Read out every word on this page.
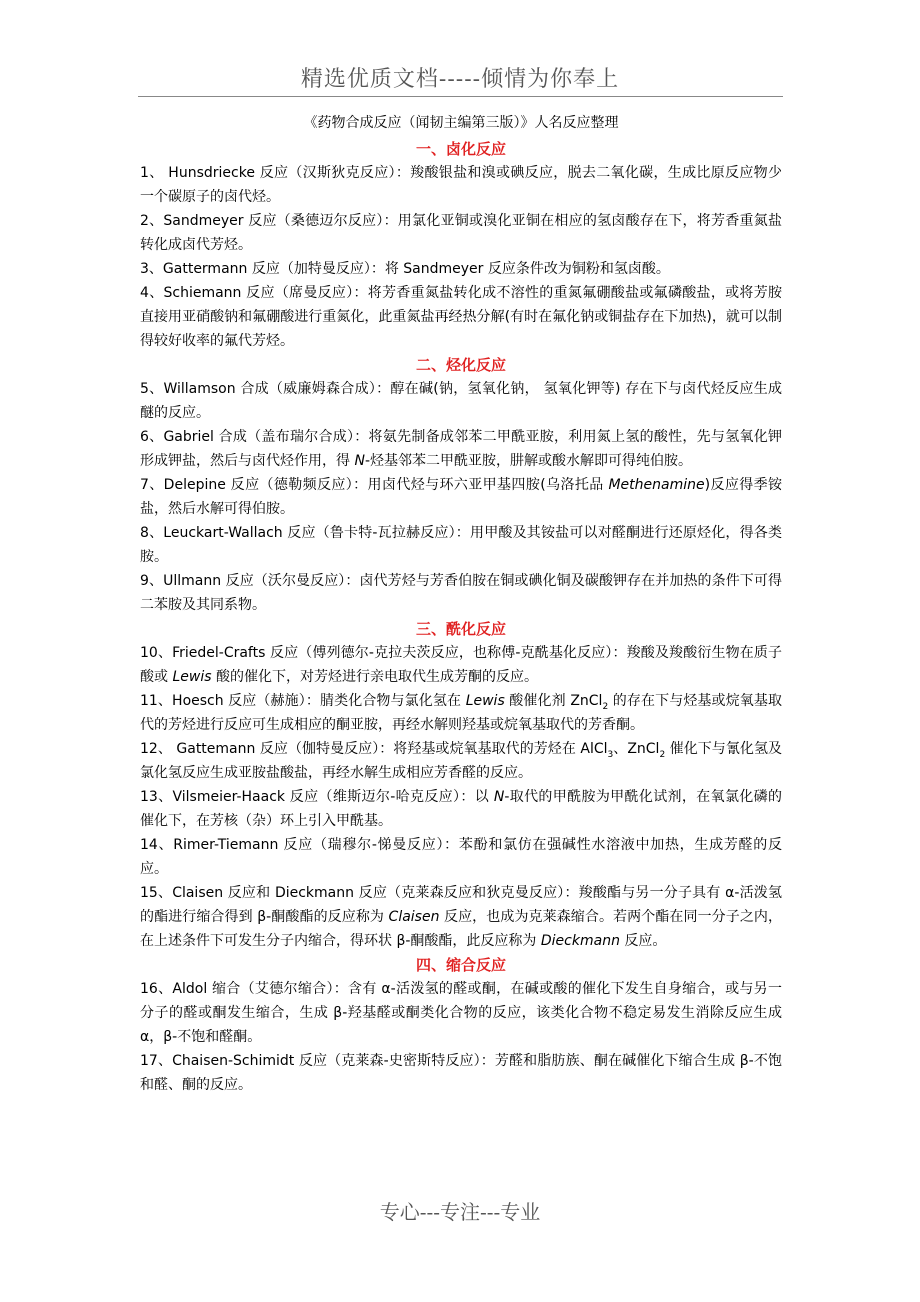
精选优质文档-----倾情为你奉上

《药物合成反应（闻韧主编第三版）》人名反应整理

一、卤化反应

1、 Hunsdriecke 反应（汉斯狄克反应）：羧酸银盐和溴或碘反应，脱去二氧化碳，生成比原反应物少一个碳原子的卤代烃。

2、Sandmeyer 反应（桑德迈尔反应）：用氯化亚铜或溴化亚铜在相应的氢卤酸存在下，将芳香重氮盐转化成卤代芳烃。

3、Gattermann 反应（加特曼反应）：将 Sandmeyer 反应条件改为铜粉和氢卤酸。

4、Schiemann 反应（席曼反应）：将芳香重氮盐转化成不溶性的重氮氟硼酸盐或氟磷酸盐，或将芳胺直接用亚硝酸钠和氟硼酸进行重氮化，此重氮盐再经热分解(有时在氟化钠或铜盐存在下加热)，就可以制得较好收率的氟代芳烃。

二、烃化反应

5、Willamson 合成（威廉姆森合成）：醇在碱(钠，氢氧化钠， 氢氧化钾等) 存在下与卤代烃反应生成醚的反应。

6、Gabriel 合成（盖布瑞尔合成）：将氨先制备成邻苯二甲酰亚胺，利用氮上氢的酸性，先与氢氧化钾形成钾盐，然后与卤代烃作用，得 N-烃基邻苯二甲酰亚胺，肼解或酸水解即可得纯伯胺。

7、Delepine 反应（德勒频反应）：用卤代烃与环六亚甲基四胺(乌洛托品 Methenamine)反应得季铵盐，然后水解可得伯胺。

8、Leuckart-Wallach 反应（鲁卡特-瓦拉赫反应）：用甲酸及其铵盐可以对醛酮进行还原烃化，得各类胺。

9、Ullmann 反应（沃尔曼反应）：卤代芳烃与芳香伯胺在铜或碘化铜及碳酸钾存在并加热的条件下可得二苯胺及其同系物。

三、酰化反应

10、Friedel-Crafts 反应（傅列德尔-克拉夫茨反应，也称傅-克酰基化反应）：羧酸及羧酸衍生物在质子酸或 Lewis 酸的催化下，对芳烃进行亲电取代生成芳酮的反应。

11、Hoesch 反应（赫施）：腈类化合物与氯化氢在 Lewis 酸催化剂 ZnCl$_2$ 的存在下与烃基或烷氧基取代的芳烃进行反应可生成相应的酮亚胺，再经水解则羟基或烷氧基取代的芳香酮。

12、 Gattemann 反应（伽特曼反应）：将羟基或烷氧基取代的芳烃在 AlCl$_3$、ZnCl$_2$ 催化下与氰化氢及氯化氢反应生成亚胺盐酸盐，再经水解生成相应芳香醛的反应。

13、Vilsmeier-Haack 反应（维斯迈尔-哈克反应）：以 N-取代的甲酰胺为甲酰化试剂，在氧氯化磷的催化下，在芳核（杂）环上引入甲酰基。

14、Rimer-Tiemann 反应（瑞穆尔-悌曼反应）：苯酚和氯仿在强碱性水溶液中加热，生成芳醛的反应。

15、Claisen 反应和 Dieckmann 反应（克莱森反应和狄克曼反应）：羧酸酯与另一分子具有 α-活泼氢的酯进行缩合得到 β-酮酸酯的反应称为 Claisen 反应，也成为克莱森缩合。若两个酯在同一分子之内，在上述条件下可发生分子内缩合，得环状 β-酮酸酯，此反应称为 Dieckmann 反应。

四、缩合反应

16、Aldol 缩合（艾德尔缩合）：含有 α-活泼氢的醛或酮，在碱或酸的催化下发生自身缩合，或与另一分子的醛或酮发生缩合，生成 β-羟基醛或酮类化合物的反应，该类化合物不稳定易发生消除反应生成 α，β-不饱和醛酮。

17、Chaisen-Schimidt 反应（克莱森-史密斯特反应）：芳醛和脂肪族、酮在碱催化下缩合生成 β-不饱和醛、酮的反应。

专心---专注---专业
